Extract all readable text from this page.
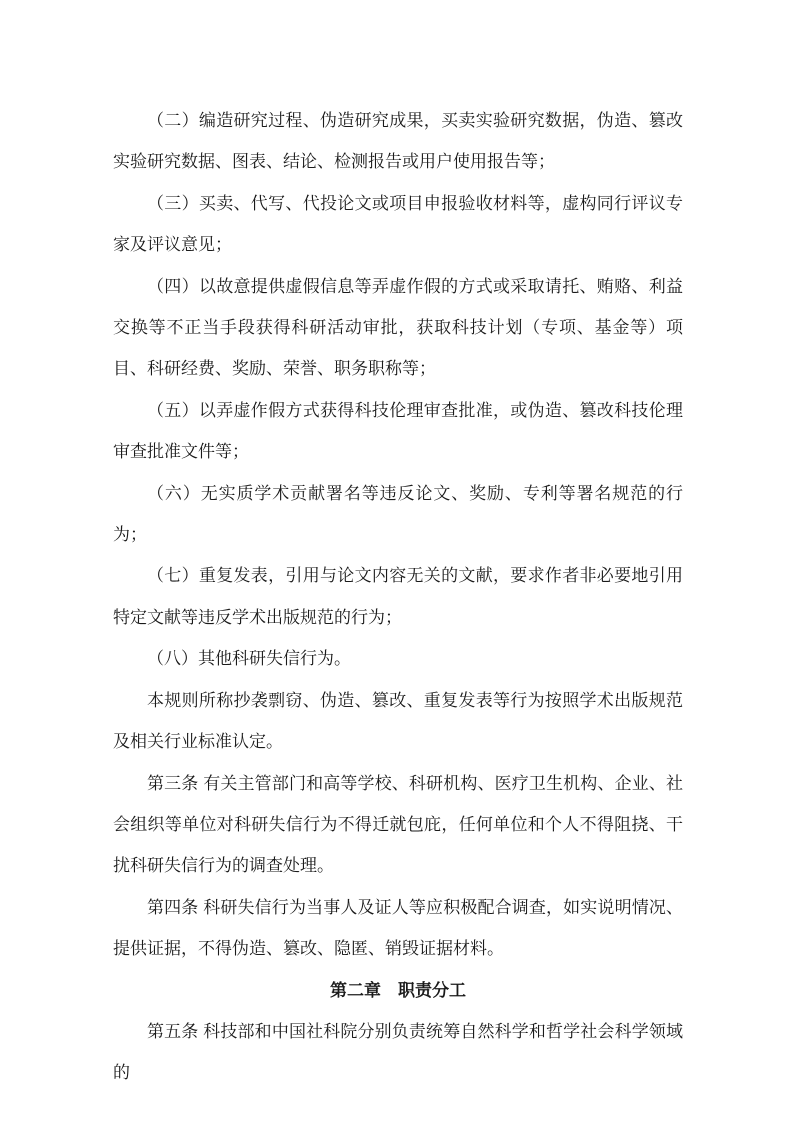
（二）编造研究过程、伪造研究成果，买卖实验研究数据，伪造、篡改实验研究数据、图表、结论、检测报告或用户使用报告等；

（三）买卖、代写、代投论文或项目申报验收材料等，虚构同行评议专家及评议意见；

（四）以故意提供虚假信息等弄虚作假的方式或采取请托、贿赂、利益交换等不正当手段获得科研活动审批，获取科技计划（专项、基金等）项目、科研经费、奖励、荣誉、职务职称等；

（五）以弄虚作假方式获得科技伦理审查批准，或伪造、篡改科技伦理审查批准文件等；

（六）无实质学术贡献署名等违反论文、奖励、专利等署名规范的行为；

（七）重复发表，引用与论文内容无关的文献，要求作者非必要地引用特定文献等违反学术出版规范的行为；

（八）其他科研失信行为。

本规则所称抄袭剽窃、伪造、篡改、重复发表等行为按照学术出版规范及相关行业标准认定。

第三条 有关主管部门和高等学校、科研机构、医疗卫生机构、企业、社会组织等单位对科研失信行为不得迁就包庇，任何单位和个人不得阻挠、干扰科研失信行为的调查处理。

第四条 科研失信行为当事人及证人等应积极配合调查，如实说明情况、提供证据，不得伪造、篡改、隐匿、销毁证据材料。

第二章　职责分工

第五条 科技部和中国社科院分别负责统筹自然科学和哲学社会科学领域的
